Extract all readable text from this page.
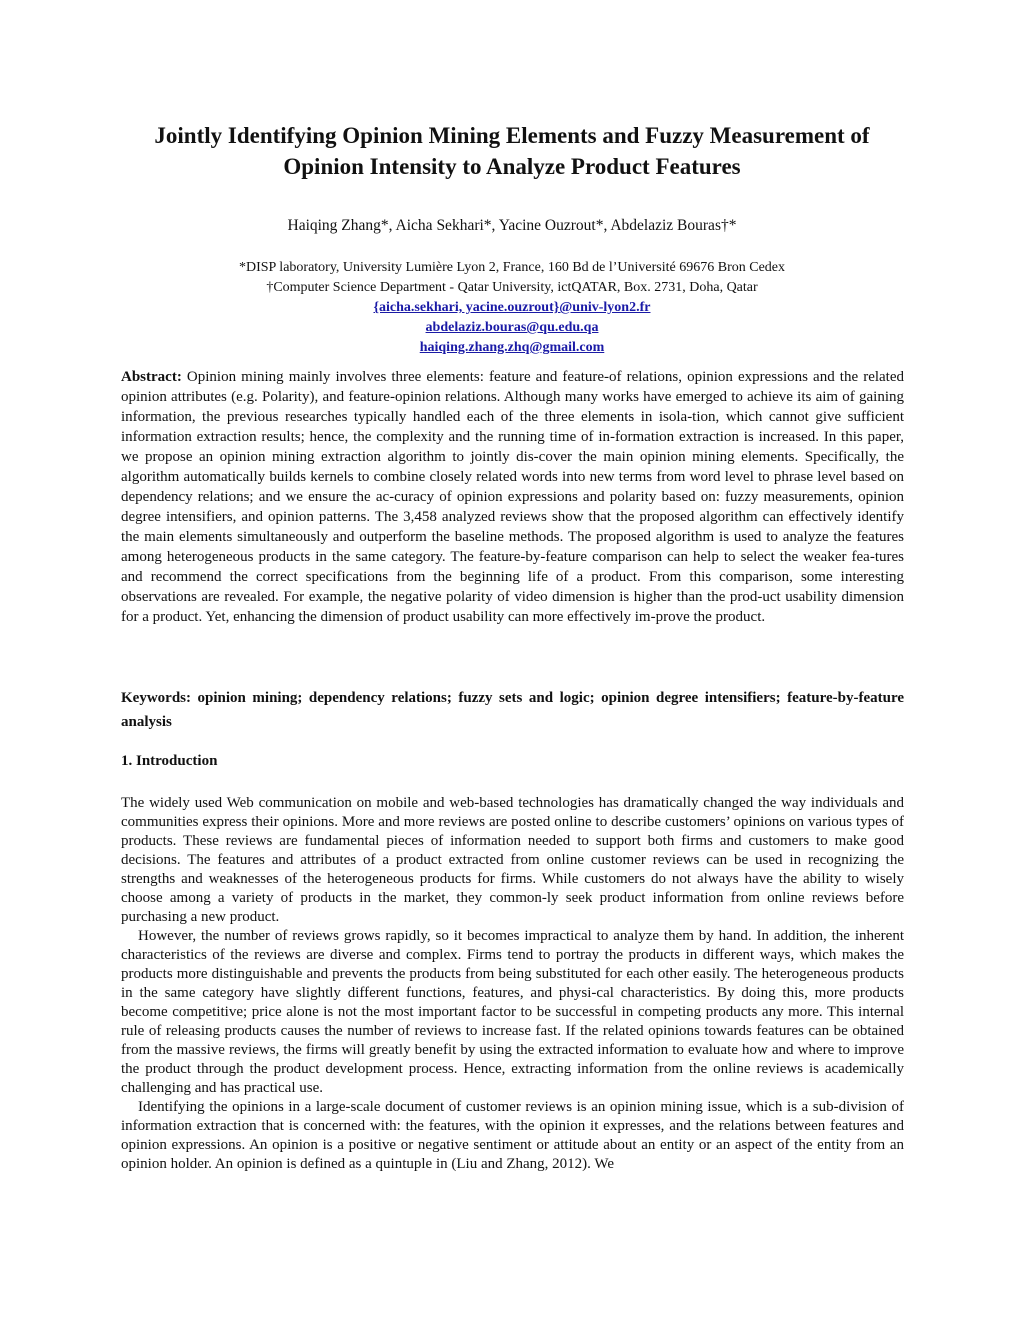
Jointly Identifying Opinion Mining Elements and Fuzzy Measurement of
Opinion Intensity to Analyze Product Features
Haiqing Zhang*, Aicha Sekhari*, Yacine Ouzrout*, Abdelaziz Bouras†*
*DISP laboratory, University Lumière Lyon 2, France, 160 Bd de l’Université 69676 Bron Cedex
†Computer Science Department - Qatar University, ictQATAR, Box. 2731, Doha, Qatar
{aicha.sekhari, yacine.ouzrout}@univ-lyon2.fr
abdelaziz.bouras@qu.edu.qa
haiqing.zhang.zhq@gmail.com

Abstract: Opinion mining mainly involves three elements: feature and feature-of relations, opinion expressions and the related opinion attributes (e.g. Polarity), and feature-opinion relations. Although many works have emerged to achieve its aim of gaining information, the previous researches typically handled each of the three elements in isola-tion, which cannot give sufficient information extraction results; hence, the complexity and the running time of in-formation extraction is increased. In this paper, we propose an opinion mining extraction algorithm to jointly dis-cover the main opinion mining elements. Specifically, the algorithm automatically builds kernels to combine closely related words into new terms from word level to phrase level based on dependency relations; and we ensure the ac-curacy of opinion expressions and polarity based on: fuzzy measurements, opinion degree intensifiers, and opinion patterns. The 3,458 analyzed reviews show that the proposed algorithm can effectively identify the main elements simultaneously and outperform the baseline methods. The proposed algorithm is used to analyze the features among heterogeneous products in the same category. The feature-by-feature comparison can help to select the weaker fea-tures and recommend the correct specifications from the beginning life of a product. From this comparison, some interesting observations are revealed. For example, the negative polarity of video dimension is higher than the prod-uct usability dimension for a product. Yet, enhancing the dimension of product usability can more effectively im-prove the product.

Keywords: opinion mining; dependency relations; fuzzy sets and logic; opinion degree intensifiers; feature-by-feature analysis

1. Introduction

The widely used Web communication on mobile and web-based technologies has dramatically changed the way individuals and communities express their opinions. More and more reviews are posted online to describe customers’ opinions on various types of products. These reviews are fundamental pieces of information needed to support both firms and customers to make good decisions. The features and attributes of a product extracted from online customer reviews can be used in recognizing the strengths and weaknesses of the heterogeneous products for firms. While customers do not always have the ability to wisely choose among a variety of products in the market, they common-ly seek product information from online reviews before purchasing a new product.

However, the number of reviews grows rapidly, so it becomes impractical to analyze them by hand. In addition, the inherent characteristics of the reviews are diverse and complex. Firms tend to portray the products in different ways, which makes the products more distinguishable and prevents the products from being substituted for each other easily. The heterogeneous products in the same category have slightly different functions, features, and physi-cal characteristics. By doing this, more products become competitive; price alone is not the most important factor to be successful in competing products any more. This internal rule of releasing products causes the number of reviews to increase fast. If the related opinions towards features can be obtained from the massive reviews, the firms will greatly benefit by using the extracted information to evaluate how and where to improve the product through the product development process. Hence, extracting information from the online reviews is academically challenging and has practical use.

Identifying the opinions in a large-scale document of customer reviews is an opinion mining issue, which is a sub-division of information extraction that is concerned with: the features, with the opinion it expresses, and the relations between features and opinion expressions. An opinion is a positive or negative sentiment or attitude about an entity or an aspect of the entity from an opinion holder. An opinion is defined as a quintuple in (Liu and Zhang, 2012). We
